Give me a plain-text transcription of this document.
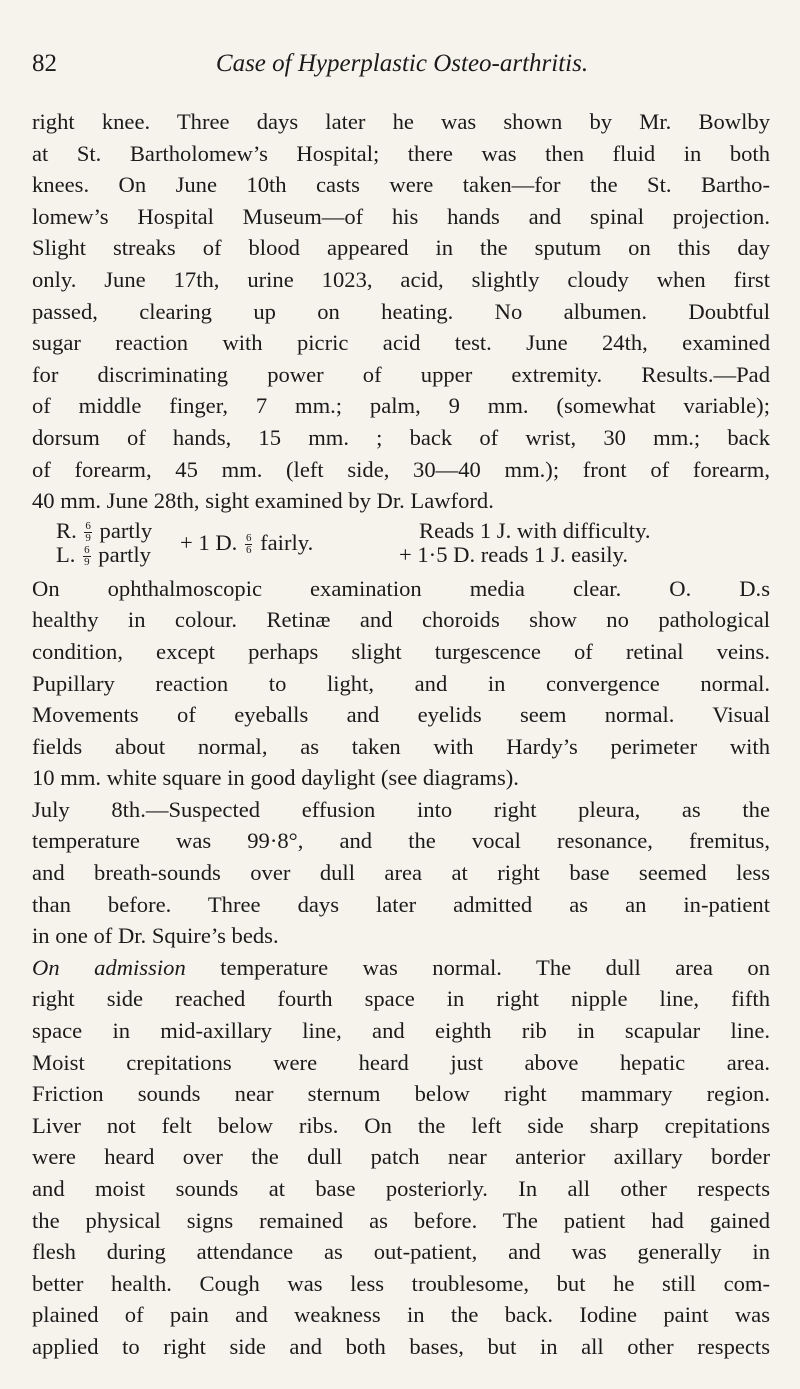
82	Case of Hyperplastic Osteo-arthritis.
right knee. Three days later he was shown by Mr. Bowlby
at St. Bartholomew’s Hospital; there was then fluid in both
knees. On June 10th casts were taken—for the St. Bartho-
lomew’s Hospital Museum—of his hands and spinal projection.
Slight streaks of blood appeared in the sputum on this day
only. June 17th, urine 1023, acid, slightly cloudy when first
passed, clearing up on heating. No albumen. Doubtful
sugar reaction with picric acid test. June 24th, examined
for discriminating power of upper extremity. Results.—Pad
of middle finger, 7 mm.; palm, 9 mm. (somewhat variable);
dorsum of hands, 15 mm. ; back of wrist, 30 mm.; back
of forearm, 45 mm. (left side, 30—40 mm.); front of forearm,
40 mm. June 28th, sight examined by Dr. Lawford.
R. $\frac{6}{9}$ partly
L. $\frac{6}{9}$ partly + 1 D. $\frac{6}{6}$ fairly.	Reads 1 J. with difficulty.
+ 1·5 D. reads 1 J. easily.
On ophthalmoscopic examination media clear. O. D.s
healthy in colour. Retinæ and choroids show no pathological
condition, except perhaps slight turgescence of retinal veins.
Pupillary reaction to light, and in convergence normal.
Movements of eyeballs and eyelids seem normal. Visual
fields about normal, as taken with Hardy’s perimeter with
10 mm. white square in good daylight (see diagrams).
July 8th.—Suspected effusion into right pleura, as the
temperature was 99·8°, and the vocal resonance, fremitus,
and breath-sounds over dull area at right base seemed less
than before. Three days later admitted as an in-patient
in one of Dr. Squire’s beds.
On admission temperature was normal. The dull area on
right side reached fourth space in right nipple line, fifth
space in mid-axillary line, and eighth rib in scapular line.
Moist crepitations were heard just above hepatic area.
Friction sounds near sternum below right mammary region.
Liver not felt below ribs. On the left side sharp crepitations
were heard over the dull patch near anterior axillary border
and moist sounds at base posteriorly. In all other respects
the physical signs remained as before. The patient had gained
flesh during attendance as out-patient, and was generally in
better health. Cough was less troublesome, but he still com-
plained of pain and weakness in the back. Iodine paint was
applied to right side and both bases, but in all other respects
